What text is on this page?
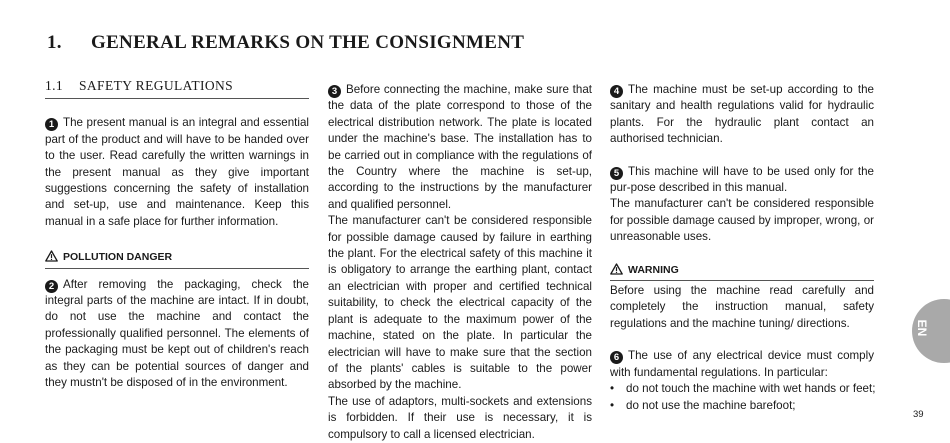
1. GENERAL REMARKS ON THE CONSIGNMENT
1.1 SAFETY REGULATIONS

1 The present manual is an integral and essential part of the product and will have to be handed over to the user. Read carefully the written warnings in the present manual as they give important suggestions concerning the safety of installation and set-up, use and maintenance. Keep this manual in a safe place for further information.

POLLUTION DANGER

2 After removing the packaging, check the integral parts of the machine are intact. If in doubt, do not use the machine and contact the professionally qualified personnel. The elements of the packaging must be kept out of children's reach as they can be potential sources of danger and they mustn't be disposed of in the environment.

3 Before connecting the machine, make sure that the data of the plate correspond to those of the electrical distribution network. The plate is located under the machine's base. The installation has to be carried out in compliance with the regulations of the Country where the machine is set-up, according to the instructions by the manufacturer and qualified personnel.

The manufacturer can't be considered responsible for possible damage caused by failure in earthing the plant. For the electrical safety of this machine it is obligatory to arrange the earthing plant, contact an electrician with proper and certified technical suitability, to check the electrical capacity of the plant is adequate to the maximum power of the machine, stated on the plate. In particular the electrician will have to make sure that the section of the plants' cables is suitable to the power absorbed by the machine.

The use of adaptors, multi-sockets and extensions is forbidden. If their use is necessary, it is compulsory to call a licensed electrician.

4 The machine must be set-up according to the sanitary and health regulations valid for hydraulic plants. For the hydraulic plant contact an authorised technician.

5 This machine will have to be used only for the pur-pose described in this manual.

The manufacturer can't be considered responsible for possible damage caused by improper, wrong, or unreasonable uses.

WARNING

Before using the machine read carefully and completely the instruction manual, safety regulations and the machine tuning/ directions.

6 The use of any electrical device must comply with fundamental regulations. In particular:

• do not touch the machine with wet hands or feet;
• do not use the machine barefoot;
EN
39
